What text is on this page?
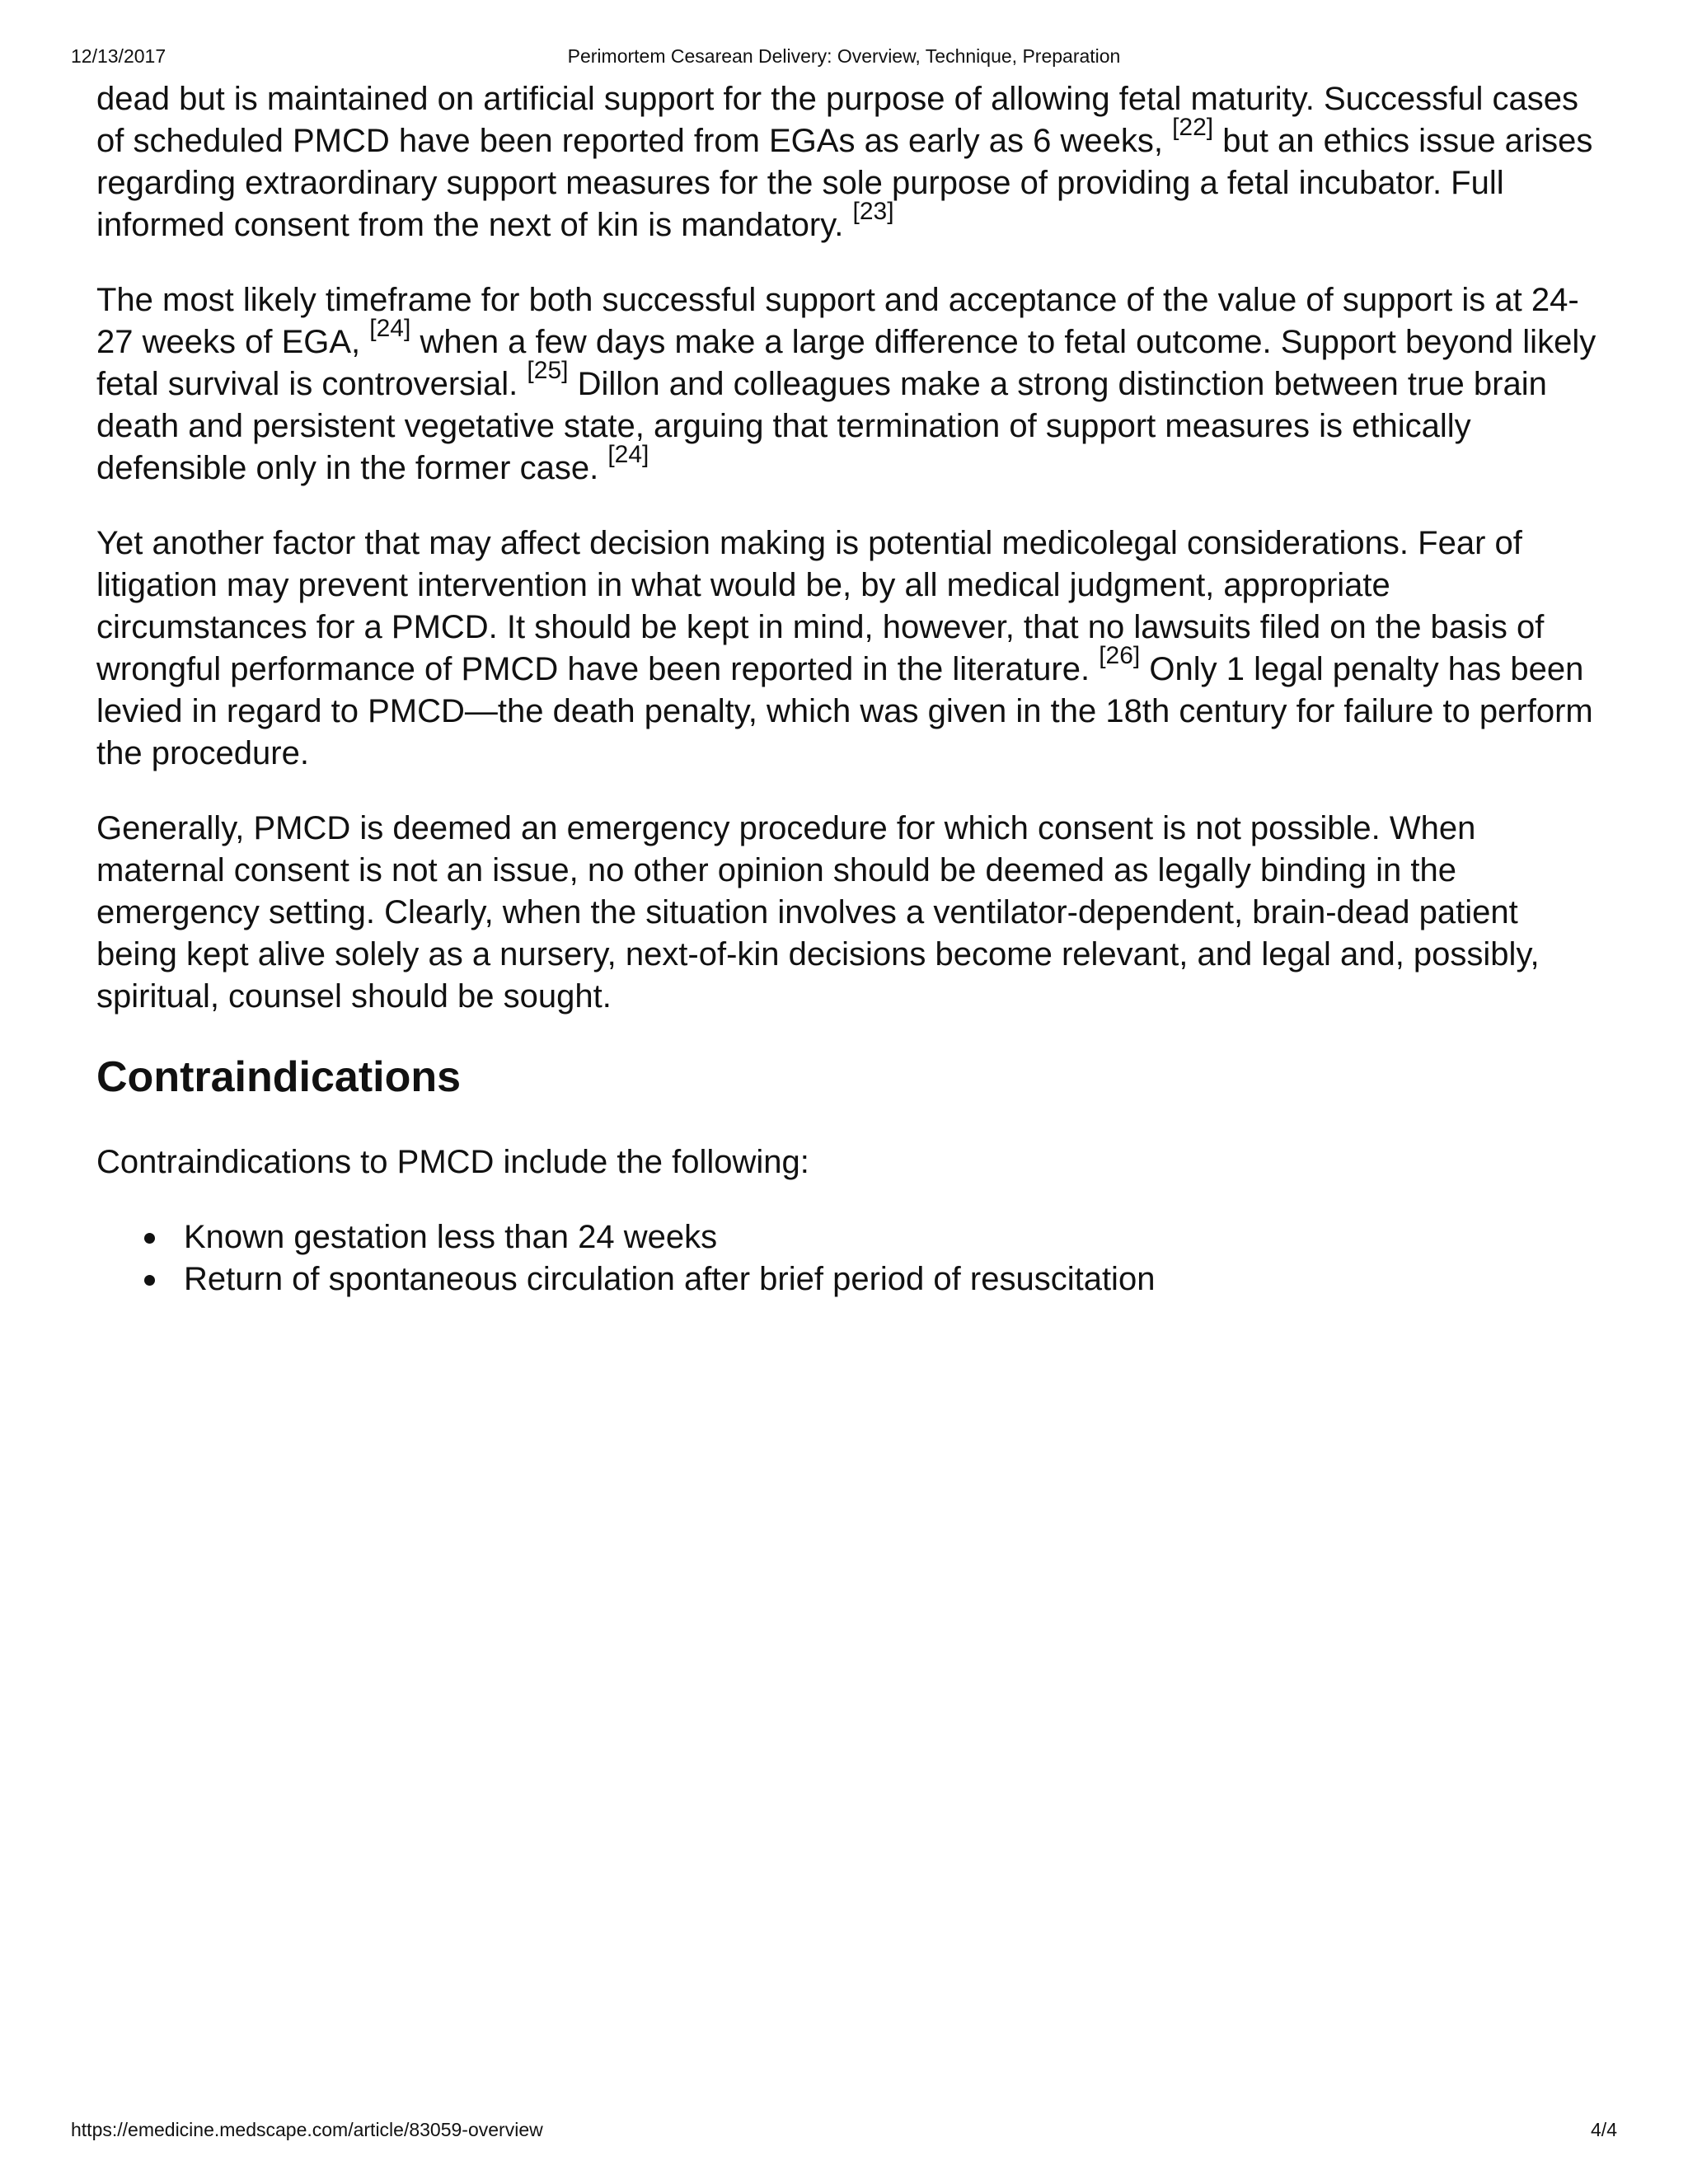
12/13/2017	Perimortem Cesarean Delivery: Overview, Technique, Preparation

dead but is maintained on artificial support for the purpose of allowing fetal maturity. Successful cases of scheduled PMCD have been reported from EGAs as early as 6 weeks, [22] but an ethics issue arises regarding extraordinary support measures for the sole purpose of providing a fetal incubator. Full informed consent from the next of kin is mandatory. [23]

The most likely timeframe for both successful support and acceptance of the value of support is at 24-27 weeks of EGA, [24] when a few days make a large difference to fetal outcome. Support beyond likely fetal survival is controversial. [25] Dillon and colleagues make a strong distinction between true brain death and persistent vegetative state, arguing that termination of support measures is ethically defensible only in the former case. [24]

Yet another factor that may affect decision making is potential medicolegal considerations. Fear of litigation may prevent intervention in what would be, by all medical judgment, appropriate circumstances for a PMCD. It should be kept in mind, however, that no lawsuits filed on the basis of wrongful performance of PMCD have been reported in the literature. [26] Only 1 legal penalty has been levied in regard to PMCD—the death penalty, which was given in the 18th century for failure to perform the procedure.

Generally, PMCD is deemed an emergency procedure for which consent is not possible. When maternal consent is not an issue, no other opinion should be deemed as legally binding in the emergency setting. Clearly, when the situation involves a ventilator-dependent, brain-dead patient being kept alive solely as a nursery, next-of-kin decisions become relevant, and legal and, possibly, spiritual, counsel should be sought.

Contraindications

Contraindications to PMCD include the following:

Known gestation less than 24 weeks
Return of spontaneous circulation after brief period of resuscitation
https://emedicine.medscape.com/article/83059-overview	4/4
